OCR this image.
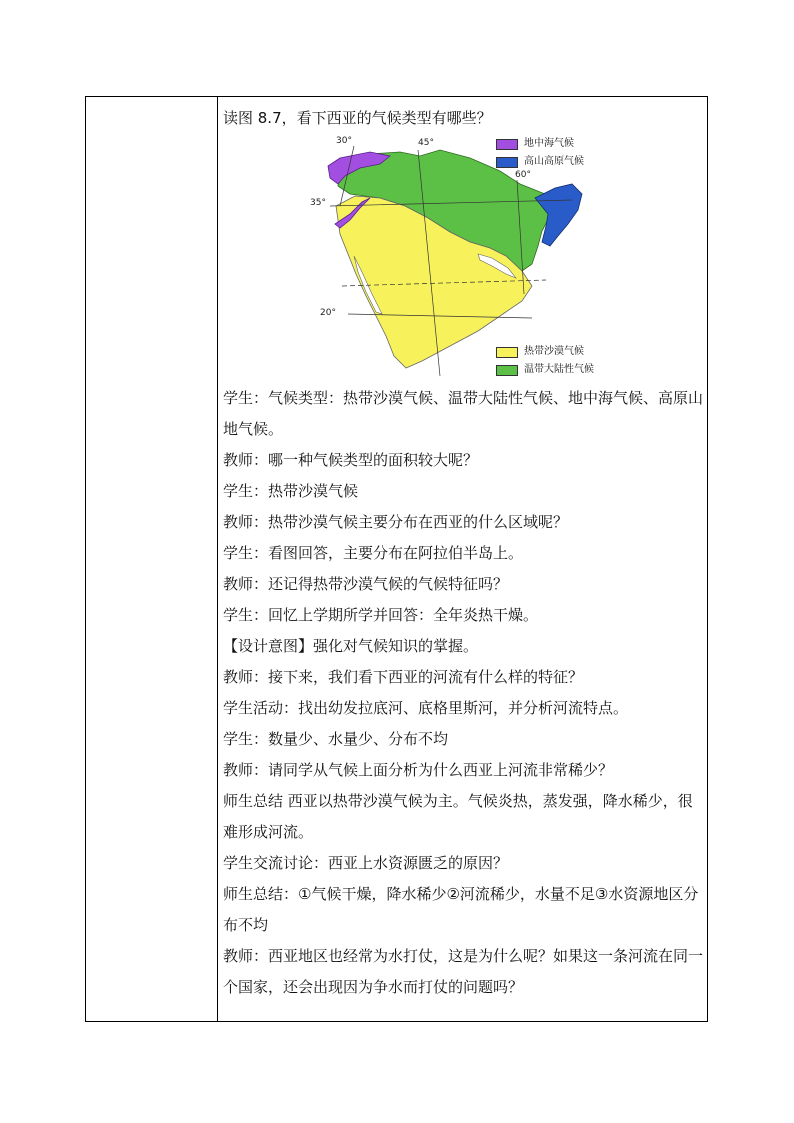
读图 8.7，看下西亚的气候类型有哪些？
30°	45°
60°
35°
20°
地中海气候
高山高原气候
热带沙漠气候
温带大陆性气候
学生：气候类型：热带沙漠气候、温带大陆性气候、地中海气候、高原山地气候。
教师：哪一种气候类型的面积较大呢？
学生：热带沙漠气候
教师：热带沙漠气候主要分布在西亚的什么区域呢？
学生：看图回答，主要分布在阿拉伯半岛上。
教师：还记得热带沙漠气候的气候特征吗？
学生：回忆上学期所学并回答：全年炎热干燥。
【设计意图】强化对气候知识的掌握。
教师：接下来，我们看下西亚的河流有什么样的特征？
学生活动：找出幼发拉底河、底格里斯河，并分析河流特点。
学生：数量少、水量少、分布不均
教师：请同学从气候上面分析为什么西亚上河流非常稀少？
师生总结 西亚以热带沙漠气候为主。气候炎热，蒸发强，降水稀少，很难形成河流。
学生交流讨论：西亚上水资源匮乏的原因？
师生总结：①气候干燥，降水稀少②河流稀少，水量不足③水资源地区分布不均
教师：西亚地区也经常为水打仗，这是为什么呢？如果这一条河流在同一个国家，还会出现因为争水而打仗的问题吗？
